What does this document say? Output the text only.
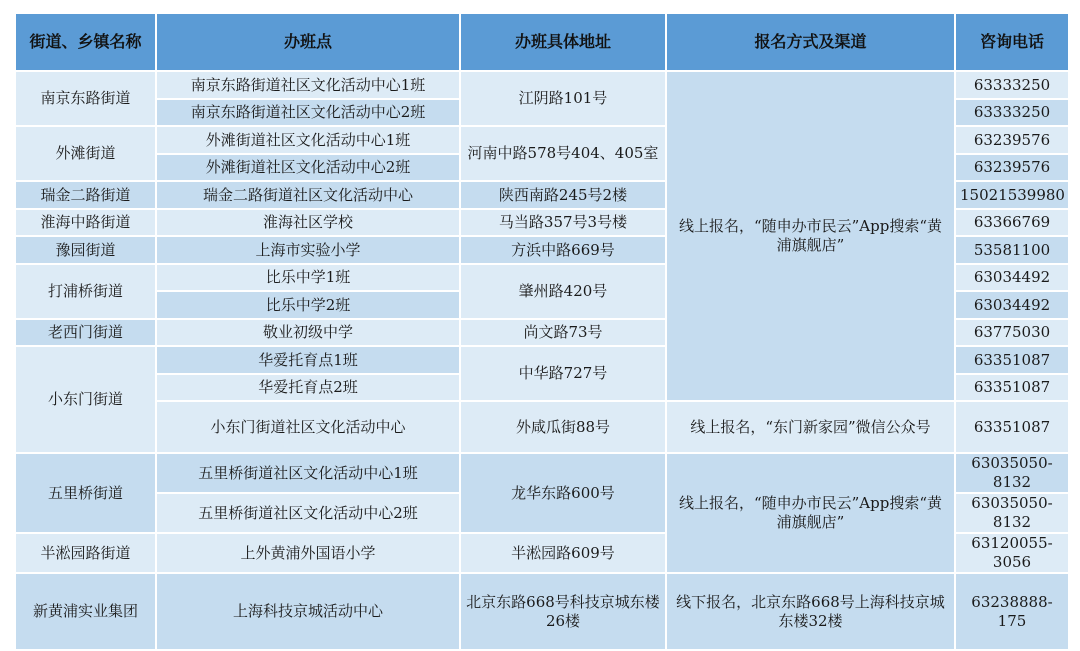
街道、乡镇名称	办班点	办班具体地址	报名方式及渠道	咨询电话
南京东路街道	南京东路街道社区文化活动中心1班	江阴路101号	线上报名，“随申办市民云”App搜索“黄浦旗舰店”	63333250
	南京东路街道社区文化活动中心2班			63333250
外滩街道	外滩街道社区文化活动中心1班	河南中路578号404、405室		63239576
	外滩街道社区文化活动中心2班			63239576
瑞金二路街道	瑞金二路街道社区文化活动中心	陕西南路245号2楼		15021539980
淮海中路街道	淮海社区学校	马当路357号3号楼		63366769
豫园街道	上海市实验小学	方浜中路669号		53581100
打浦桥街道	比乐中学1班	肇州路420号		63034492
	比乐中学2班			63034492
老西门街道	敬业初级中学	尚文路73号		63775030
小东门街道	华爱托育点1班	中华路727号		63351087
	华爱托育点2班			63351087
	小东门街道社区文化活动中心	外咸瓜街88号	线上报名，“东门新家园”微信公众号	63351087
五里桥街道	五里桥街道社区文化活动中心1班	龙华东路600号	线上报名，“随申办市民云”App搜索“黄浦旗舰店”	63035050-8132
	五里桥街道社区文化活动中心2班			63035050-8132
半淞园路街道	上外黄浦外国语小学	半淞园路609号		63120055-3056
新黄浦实业集团	上海科技京城活动中心	北京东路668号科技京城东楼26楼	线下报名，北京东路668号上海科技京城东楼32楼	63238888-175
